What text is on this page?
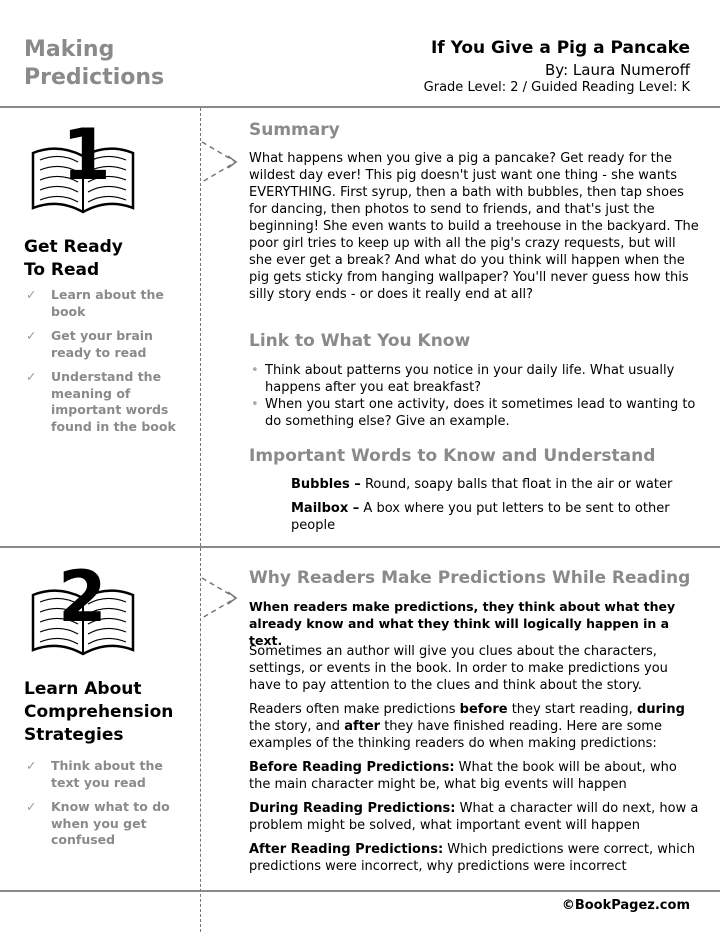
Making
Predictions
If You Give a Pig a Pancake
By: Laura Numeroff
Grade Level: 2 / Guided Reading Level: K
1
Get Ready
To Read
✓ Learn about the book
✓ Get your brain ready to read
✓ Understand the meaning of important words found in the book
Summary

What happens when you give a pig a pancake? Get ready for the wildest day ever! This pig doesn't just want one thing - she wants EVERYTHING. First syrup, then a bath with bubbles, then tap shoes for dancing, then photos to send to friends, and that's just the beginning! She even wants to build a treehouse in the backyard. The poor girl tries to keep up with all the pig's crazy requests, but will she ever get a break? And what do you think will happen when the pig gets sticky from hanging wallpaper? You'll never guess how this silly story ends - or does it really end at all?

Link to What You Know
• Think about patterns you notice in your daily life. What usually happens after you eat breakfast?
• When you start one activity, does it sometimes lead to wanting to do something else? Give an example.
Important Words to Know and Understand

Bubbles – Round, soapy balls that float in the air or water

Mailbox – A box where you put letters to be sent to other people

2
Learn About
Comprehension
Strategies
✓ Think about the text you read
✓ Know what to do when you get confused
Why Readers Make Predictions While Reading

When readers make predictions, they think about what they already know and what they think will logically happen in a text.

Sometimes an author will give you clues about the characters, settings, or events in the book. In order to make predictions you have to pay attention to the clues and think about the story.

Readers often make predictions before they start reading, during the story, and after they have finished reading. Here are some examples of the thinking readers do when making predictions:

Before Reading Predictions: What the book will be about, who the main character might be, what big events will happen

During Reading Predictions: What a character will do next, how a problem might be solved, what important event will happen

After Reading Predictions: Which predictions were correct, which predictions were incorrect, why predictions were incorrect

©BookPagez.com
